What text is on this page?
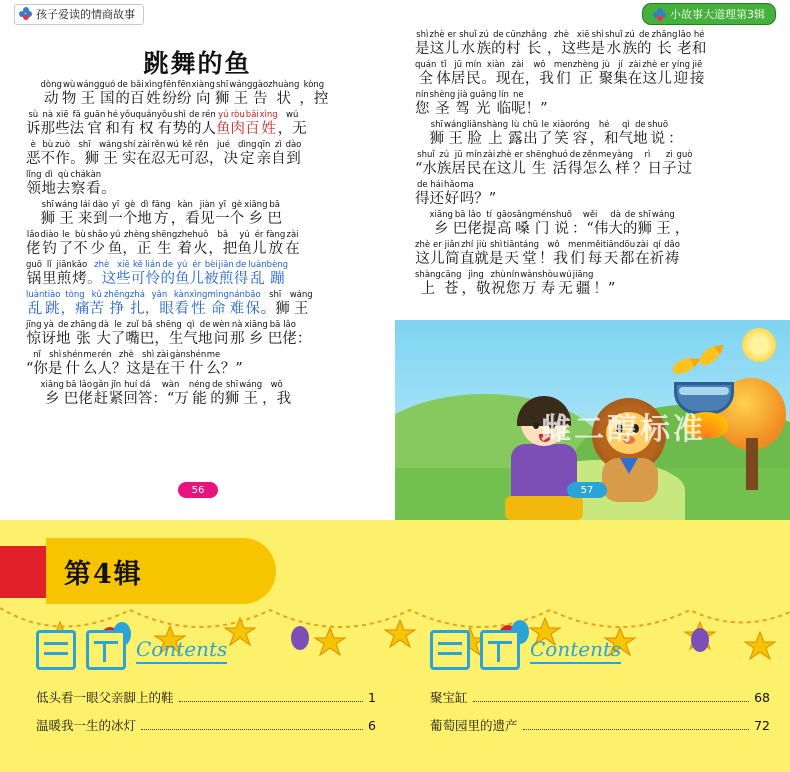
孩子爱读的情商故事
跳舞的鱼

dòng
动
wù
物
wáng
王
guó
国
de
的
bǎi
百
xìng
姓
fēn
纷
fēn
纷
xiàng
向
shī
狮
wáng
王
gào
告
zhuàng
状
kòng
，控
sù
诉
nà
那
xiē
些
fǎ
法
guān
官
hé
和
yǒu
有
quán
权
yǒu
有
shì
势
de
的
rén
人
yú
鱼
ròu
肉
bǎi
百
xìng
姓
wú
，无
è
恶
bù
不
zuò
作
shī
。狮
wáng
王
shí
实
zài
在
rěn
忍
wú
无
kě
可
rěn
忍
jué
，决
dìng
定
qīn
亲
zì
自
dào
到
lǐng
领
dì
地
qù
去
chá
察
kàn
看 。

shī
狮
wáng
王
lái
来
dào
到
yī
一
gè
个
dì
地
fāng
方
kàn
，看
jiàn
见
yī
一
gè
个
xiāng
乡
bā
巴
lǎo
佬
diào
钓
le
了
bù
不
shǎo
少
yú
鱼
zhèng
，正
shēng
生
zhe
着
huǒ
火
bǎ
，把
yú
鱼
ér
儿
fàng
放
zài
在
guō
锅
lǐ
里
jiān
煎
kǎo
烤
zhè
。这
xiē
些
kě
可
lián
怜
de
的
yú
鱼
ér
儿
bèi
被
jiān
煎
de
得
luàn
乱
bèng
蹦
luàn
乱
tiào
跳
tòng
，痛
kǔ
苦
zhēng
挣
zhá
扎
yǎn
，眼
kàn
看
xìng
性
mìng
命
nán
难
bǎo
保
shī
。狮
wáng
王
jīng
惊
yà
讶
de
地
zhāng
张
dà
大
le
了
zuǐ
嘴
bā
巴
shēng
，生
qì
气
de
地
wèn
问
nà
那
xiāng
乡
bā
巴
lǎo
佬 ：
nǐ
“你
shì
是
shén
什
me
么
rén
人
zhè
？这
shì
是
zài
在
gàn
干
shén
什
me
么 ？”

xiāng
乡
bā
巴
lǎo
佬
gǎn
赶
jǐn
紧
huí
回
dá
答
wàn
：“万
néng
能
de
的
shī
狮
wáng
王
wǒ
，我
56
小故事大道理第3辑
shì
是
zhè
这
er
儿
shuǐ
水
zú
族
de
的
cūn
村
zhǎng
长
zhè
，这
xiē
些
shì
是
shuǐ
水
zú
族
de
的
zhǎng
长
lǎo
老
hé
和
quán
全
tǐ
体
jū
居
mín
民
xiàn
。现
zài
在
wǒ
，我
men
们
zhèng
正
jù
聚
jí
集
zài
在
zhè
这
er
儿
yíng
迎
jiē
接
nín
您
shèng
圣
jià
驾
guāng
光
lín
临
ne
呢 ！”

shī
狮
wáng
王
liǎn
脸
shàng
上
lù
露
chū
出
le
了
xiào
笑
róng
容
hé
，和
qì
气
de
地
shuō
说 ：
shuǐ
“水
zú
族
jū
居
mín
民
zài
在
zhè
这
er
儿
shēng
生
huó
活
de
得
zěn
怎
me
么
yàng
样
rì
？日
zi
子
guò
过
de
得
hái
还
hǎo
好
ma
吗 ？”

xiāng
乡
bā
巴
lǎo
佬
tí
提
gāo
高
sǎng
嗓
mén
门
shuō
说
wěi
：“伟
dà
大
de
的
shī
狮
wáng
王 ，
zhè
这
er
儿
jiǎn
简
zhí
直
jiù
就
shì
是
tiān
天
táng
堂
wǒ
！我
men
们
měi
每
tiān
天
dōu
都
zài
在
qí
祈
dǎo
祷
shàng
上
cāng
苍
jìng
，敬
zhù
祝
nín
您
wàn
万
shòu
寿
wú
无
jiāng
疆 ！”
雌二醇标准
57
第4辑
Contents
低头看一眼父亲脚上的鞋	1
温暖我一生的冰灯	6
Contents
聚宝缸	68
葡萄园里的遗产	72
